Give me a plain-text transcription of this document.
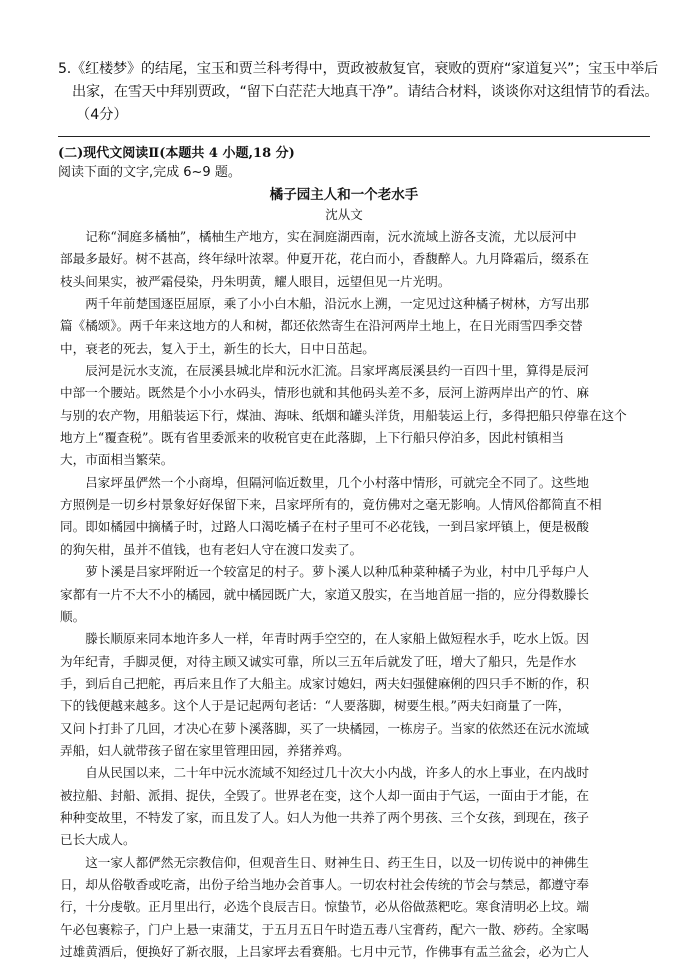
5.《红楼梦》的结尾，宝玉和贾兰科考得中，贾政被赦复官，衰败的贾府“家道复兴”；宝玉中举后

出家，在雪天中拜别贾政，“留下白茫茫大地真干净”。请结合材料，谈谈你对这组情节的看法。

（4分）

(二)现代文阅读Ⅱ(本题共 4 小题,18 分)
阅读下面的文字,完成 6~9 题。
橘子园主人和一个老水手
沈从文
　　记称“洞庭多橘柚”，橘柚生产地方，实在洞庭湖西南，沅水流域上游各支流，尤以辰河中
部最多最好。树不甚高，终年绿叶浓翠。仲夏开花，花白而小，香馥醉人。九月降霜后，缀系在
枝头间果实，被严霜侵染，丹朱明黄，耀人眼目，远望但见一片光明。
　　两千年前楚国逐臣屈原，乘了小小白木船，沿沅水上溯，一定见过这种橘子树林，方写出那
篇《橘颂》。两千年来这地方的人和树，都还依然寄生在沿河两岸土地上，在日光雨雪四季交替
中，衰老的死去，复入于土，新生的长大，日中日茁起。
　　辰河是沅水支流，在辰溪县城北岸和沅水汇流。吕家坪离辰溪县约一百四十里，算得是辰河
中部一个腰站。既然是个小小水码头，情形也就和其他码头差不多，辰河上游两岸出产的竹、麻
与别的农产物，用船装运下行，煤油、海味、纸烟和罐头洋货，用船装运上行，多得把船只停靠在这个
地方上“覆查税”。既有省里委派来的收税官吏在此落脚，上下行船只停泊多，因此村镇相当
大，市面相当繁荣。
　　吕家坪虽俨然一个小商埠，但隔河临近数里，几个小村落中情形，可就完全不同了。这些地
方照例是一切乡村景象好好保留下来，吕家坪所有的，竟仿佛对之毫无影响。人情风俗都简直不相
同。即如橘园中摘橘子时，过路人口渴吃橘子在村子里可不必花钱，一到吕家坪镇上，便是极酸
的狗矢柑，虽并不值钱，也有老妇人守在渡口发卖了。
　　萝卜溪是吕家坪附近一个较富足的村子。萝卜溪人以种瓜种菜种橘子为业，村中几乎每户人
家都有一片不大不小的橘园，就中橘园既广大，家道又殷实，在当地首屈一指的，应分得数滕长
顺。
　　滕长顺原来同本地许多人一样，年青时两手空空的，在人家船上做短程水手，吃水上饭。因
为年纪青，手脚灵便，对待主顾又诚实可靠，所以三五年后就发了旺，增大了船只，先是作水
手，到后自己把舵，再后来且作了大船主。成家讨媳妇，两夫妇强健麻俐的四只手不断的作，积
下的钱便越来越多。这个人于是记起两句老话：“人要落脚，树要生根。”两夫妇商量了一阵，
又问卜打卦了几回，才决心在萝卜溪落脚，买了一块橘园，一栋房子。当家的依然还在沅水流域
弄船，妇人就带孩子留在家里管理田园，养猪养鸡。
　　自从民国以来，二十年中沅水流域不知经过几十次大小内战，许多人的水上事业，在内战时
被拉船、封船、派捐、捉伕，全毁了。世界老在变，这个人却一面由于气运，一面由于才能，在
种种变故里，不特发了家，而且发了人。妇人为他一共养了两个男孩、三个女孩，到现在，孩子
已长大成人。
　　这一家人都俨然无宗教信仰，但观音生日、财神生日、药王生日，以及一切传说中的神佛生
日，却从俗敬香或吃斋，出份子给当地办会首事人。一切农村社会传统的节会与禁忌，都遵守奉
行，十分虔敬。正月里出行，必选个良辰吉日。惊蛰节，必从俗做蒸粑吃。寒食清明必上坟。端
午必包裹粽子，门户上悬一束蒲艾，于五月五日午时造五毒八宝膏药，配六一散、痧药。全家喝
过雄黄酒后，便换好了新衣服，上吕家坪去看赛船。七月中元节，作佛事有盂兰盆会，必为亡人
